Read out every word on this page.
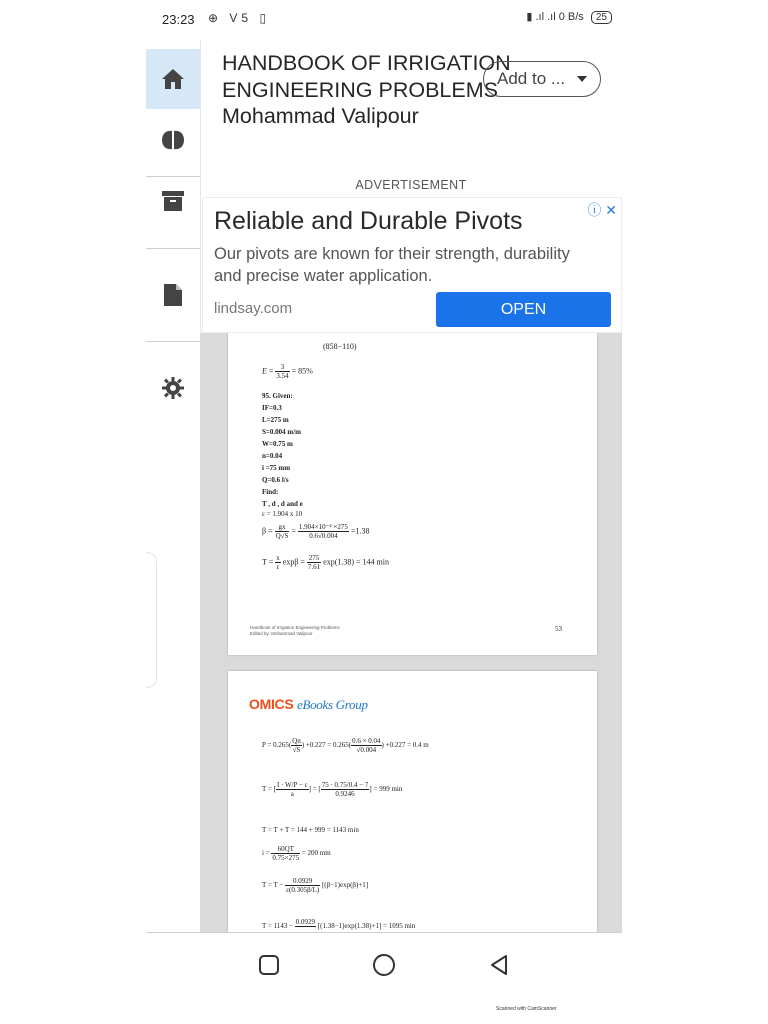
23:23 ⊕ V5 ▯	▮ .ıl .ıl 0 B/s 25
HANDBOOK OF IRRIGATION ENGINEERING PROBLEMS Mohammad Valipour
Add to ...
ADVERTISEMENT
ⓘ ✕
Reliable and Durable Pivots
Our pivots are known for their strength, durability and precise water application.
lindsay.com	OPEN
(858−110)
$E = \frac{3}{3.54} = 85\%$
95. Given:
IF=0.3
L=275 m
S=0.004 m/m
W=0.75 m
n=0.04
i =75 mm
Q=0.6 l/s
Find:
T , d , d and e
ε = 1.904 x 10
$\beta = \frac{gx}{Q√S} = \frac{\text{1.904×10⁻⁴ ×275}}{0.6√0.004} =1.38$
$T = \frac{x}{\varepsilon}$ $\exp\beta = \frac{275}{7.61} \exp(1.38) = 144$ min
Handbook of Irrigation Engineering Problems
Edited by: Mohammad Valipour
53
OMICS eBooks Group
$P = 0.265( \frac{Qn}{√S}$ ) $+0.227 = 0.265( \frac{0.6 \times 0.04}{√0.004}$ ) +0.227 = 0.4 m
T = [ $\frac{I \cdot W/P - \varepsilon}{a}$ ] = [ $\frac{75 \cdot 0.75/0.4 - 7}{0.9246}$ ] = 999 min
T = T + T = 144 + 999 = 1143 min
$i = \frac{60QT}{0.75\times 275} = 200$ mm
$T = T - \frac{0.0929}{\varepsilon(0.305\beta/L)} [(\beta-1)\exp(\beta)+1]$
T = 1143 −
0.0929

[(1.38−1)exp(1.38)+1] = 1095 min
Scanned with CamScanner
